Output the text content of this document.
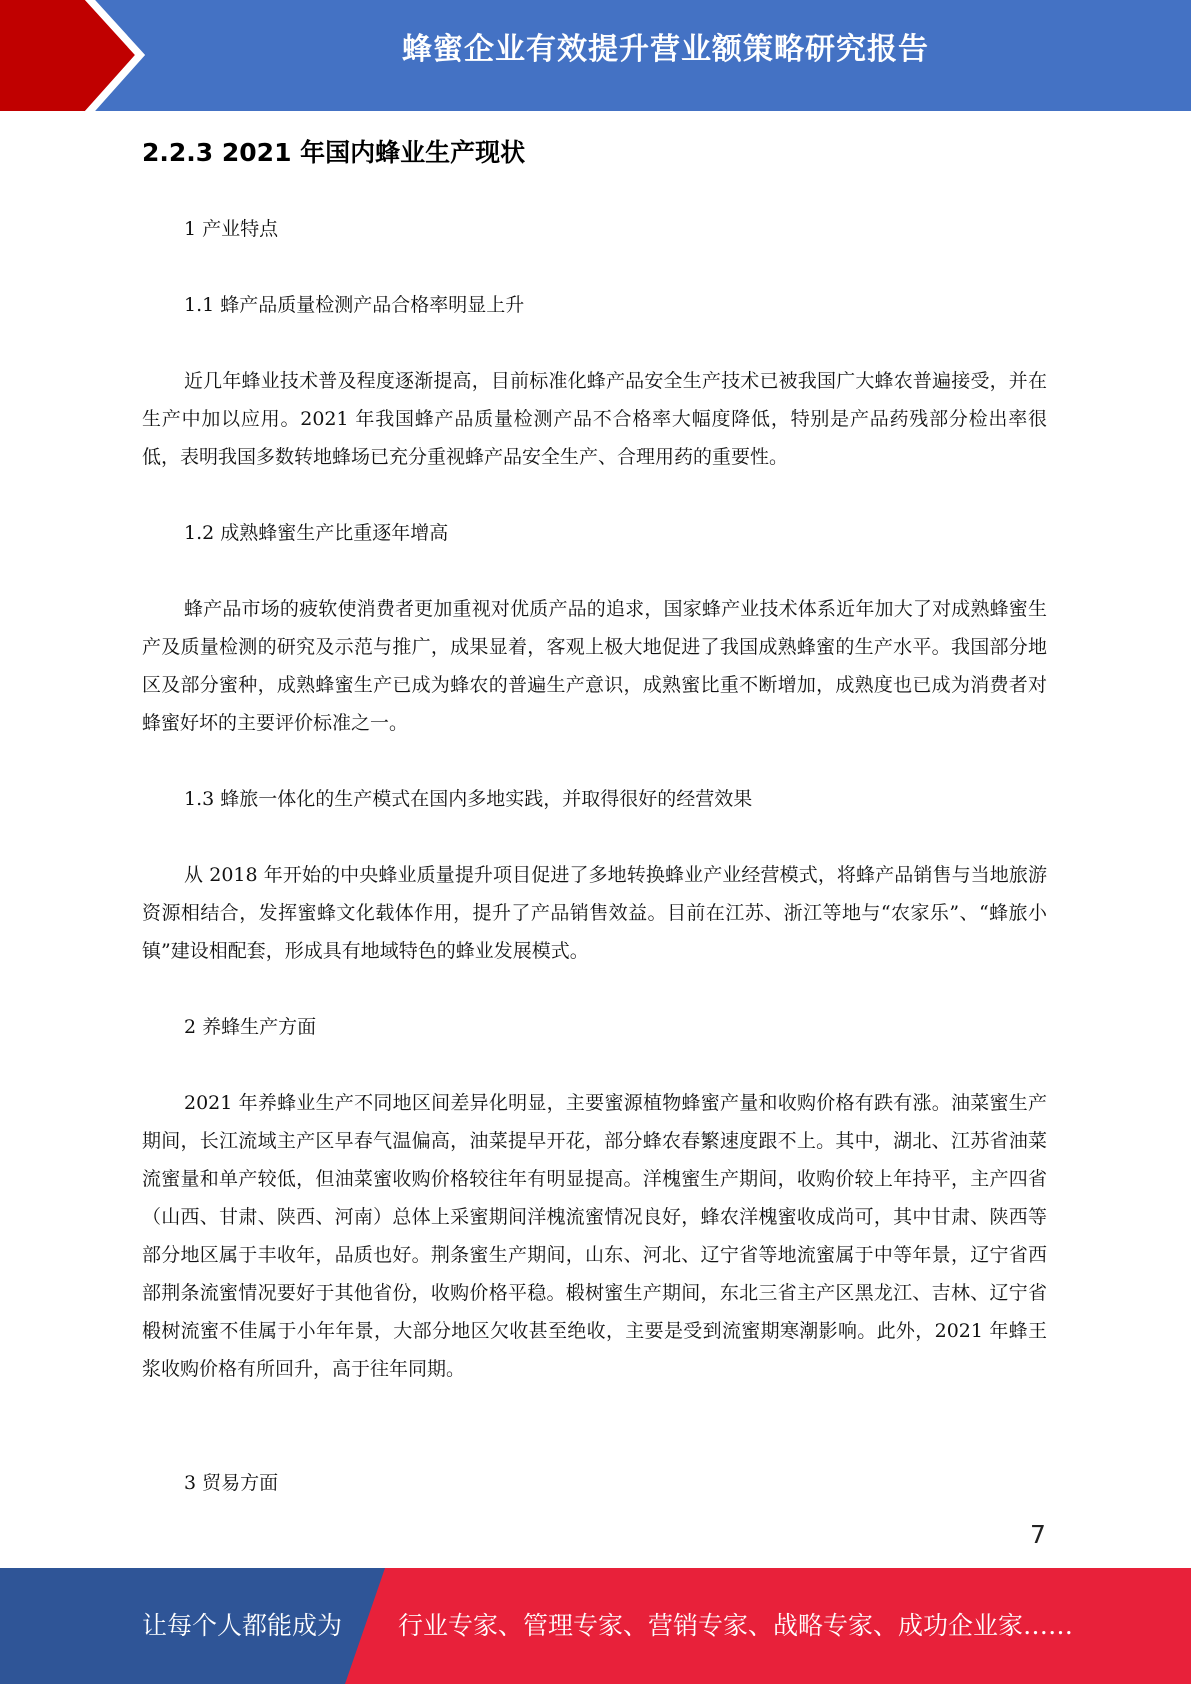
蜂蜜企业有效提升营业额策略研究报告
2.2.3 2021 年国内蜂业生产现状
1 产业特点
1.1 蜂产品质量检测产品合格率明显上升

近几年蜂业技术普及程度逐渐提高，目前标准化蜂产品安全生产技术已被我国广大蜂农普遍接受，并在生产中加以应用。2021 年我国蜂产品质量检测产品不合格率大幅度降低，特别是产品药残部分检出率很低，表明我国多数转地蜂场已充分重视蜂产品安全生产、合理用药的重要性。

1.2 成熟蜂蜜生产比重逐年增高

蜂产品市场的疲软使消费者更加重视对优质产品的追求，国家蜂产业技术体系近年加大了对成熟蜂蜜生产及质量检测的研究及示范与推广，成果显着，客观上极大地促进了我国成熟蜂蜜的生产水平。我国部分地区及部分蜜种，成熟蜂蜜生产已成为蜂农的普遍生产意识，成熟蜜比重不断增加，成熟度也已成为消费者对蜂蜜好坏的主要评价标准之一。

1.3 蜂旅一体化的生产模式在国内多地实践，并取得很好的经营效果

从 2018 年开始的中央蜂业质量提升项目促进了多地转换蜂业产业经营模式，将蜂产品销售与当地旅游资源相结合，发挥蜜蜂文化载体作用，提升了产品销售效益。目前在江苏、浙江等地与“农家乐”、“蜂旅小镇”建设相配套，形成具有地域特色的蜂业发展模式。

2 养蜂生产方面

2021 年养蜂业生产不同地区间差异化明显，主要蜜源植物蜂蜜产量和收购价格有跌有涨。油菜蜜生产期间，长江流域主产区早春气温偏高，油菜提早开花，部分蜂农春繁速度跟不上。其中，湖北、江苏省油菜流蜜量和单产较低，但油菜蜜收购价格较往年有明显提高。洋槐蜜生产期间，收购价较上年持平，主产四省（山西、甘肃、陕西、河南）总体上采蜜期间洋槐流蜜情况良好，蜂农洋槐蜜收成尚可，其中甘肃、陕西等部分地区属于丰收年，品质也好。荆条蜜生产期间，山东、河北、辽宁省等地流蜜属于中等年景，辽宁省西部荆条流蜜情况要好于其他省份，收购价格平稳。椴树蜜生产期间，东北三省主产区黑龙江、吉林、辽宁省椴树流蜜不佳属于小年年景，大部分地区欠收甚至绝收，主要是受到流蜜期寒潮影响。此外，2021 年蜂王浆收购价格有所回升，高于往年同期。

3 贸易方面
7
让每个人都能成为 行业专家、管理专家、营销专家、战略专家、成功企业家……
